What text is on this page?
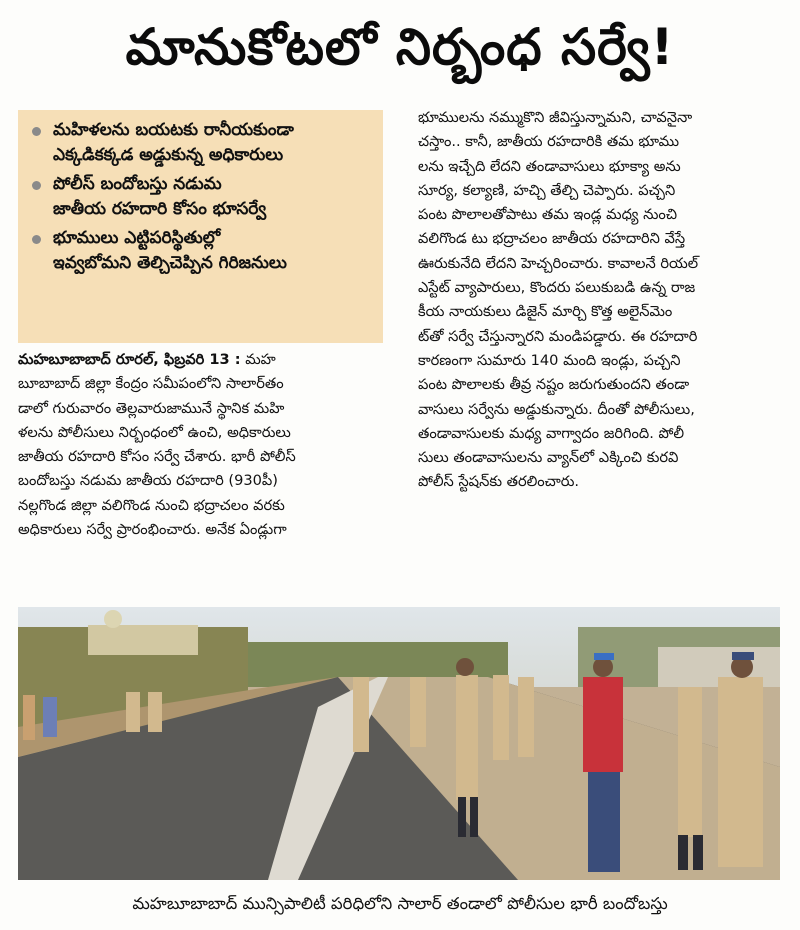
మానుకోటలో నిర్బంధ సర్వే!
మహిళలను బయటకు రానీయకుండా
ఎక్కడికక్కడ అడ్డుకున్న అధికారులు
పోలీస్ బందోబస్తు నడుమ
జాతీయ రహదారి కోసం భూసర్వే
భూములు ఎట్టిపరిస్థితుల్లో
ఇవ్వబోమని తెల్చిచెప్పిన గిరిజనులు
మహబూబాబాద్ రూరల్, ఫిబ్రవరి 13 : మహ
బూబాబాద్ జిల్లా కేంద్రం సమీపంలోని సాలార్‌తం
డాలో గురువారం తెల్లవారుజామునే స్థానిక మహి
ళలను పోలీసులు నిర్బంధంలో ఉంచి, అధికారులు
జాతీయ రహదారి కోసం సర్వే చేశారు. భారీ పోలీస్
బందోబస్తు నడుమ జాతీయ రహదారి (930పీ)
నల్లగొండ జిల్లా వలిగొండ నుంచి భద్రాచలం వరకు
అధికారులు సర్వే ప్రారంభించారు. అనేక ఏండ్లుగా
భూములను నమ్ముకొని జీవిస్తున్నామని, చావనైనా
చస్తాం.. కానీ, జాతీయ రహదారికి తమ భూము
లను ఇచ్చేది లేదని తండావాసులు భూక్యా అను
సూర్య, కల్యాణి, హచ్చి తేల్చి చెప్పారు. పచ్చని
పంట పొలాలతోపాటు తమ ఇండ్ల మధ్య నుంచి
వలిగొండ టు భద్రాచలం జాతీయ రహదారిని వేస్తే
ఊరుకునేది లేదని హెచ్చరించారు. కావాలనే రియల్
ఎస్టేట్ వ్యాపారులు, కొందరు పలుకుబడి ఉన్న రాజ
కీయ నాయకులు డిజైన్ మార్చి కొత్త అలైన్‌మెం
ట్‌తో సర్వే చేస్తున్నారని మండిపడ్డారు. ఈ రహదారి
కారణంగా సుమారు 140 మంది ఇండ్లు, పచ్చని
పంట పొలాలకు తీవ్ర నష్టం జరుగుతుందని తండా
వాసులు సర్వేను అడ్డుకున్నారు. దీంతో పోలీసులు,
తండావాసులకు మధ్య వాగ్వాదం జరిగింది. పోలీ
సులు తండావాసులను వ్యాన్‌లో ఎక్కించి కురవి
పోలీస్ స్టేషన్‌కు తరలించారు.
మహబూబాబాద్ మున్సిపాలిటీ పరిధిలోని సాలార్ తండాలో పోలీసుల భారీ బందోబస్తు
